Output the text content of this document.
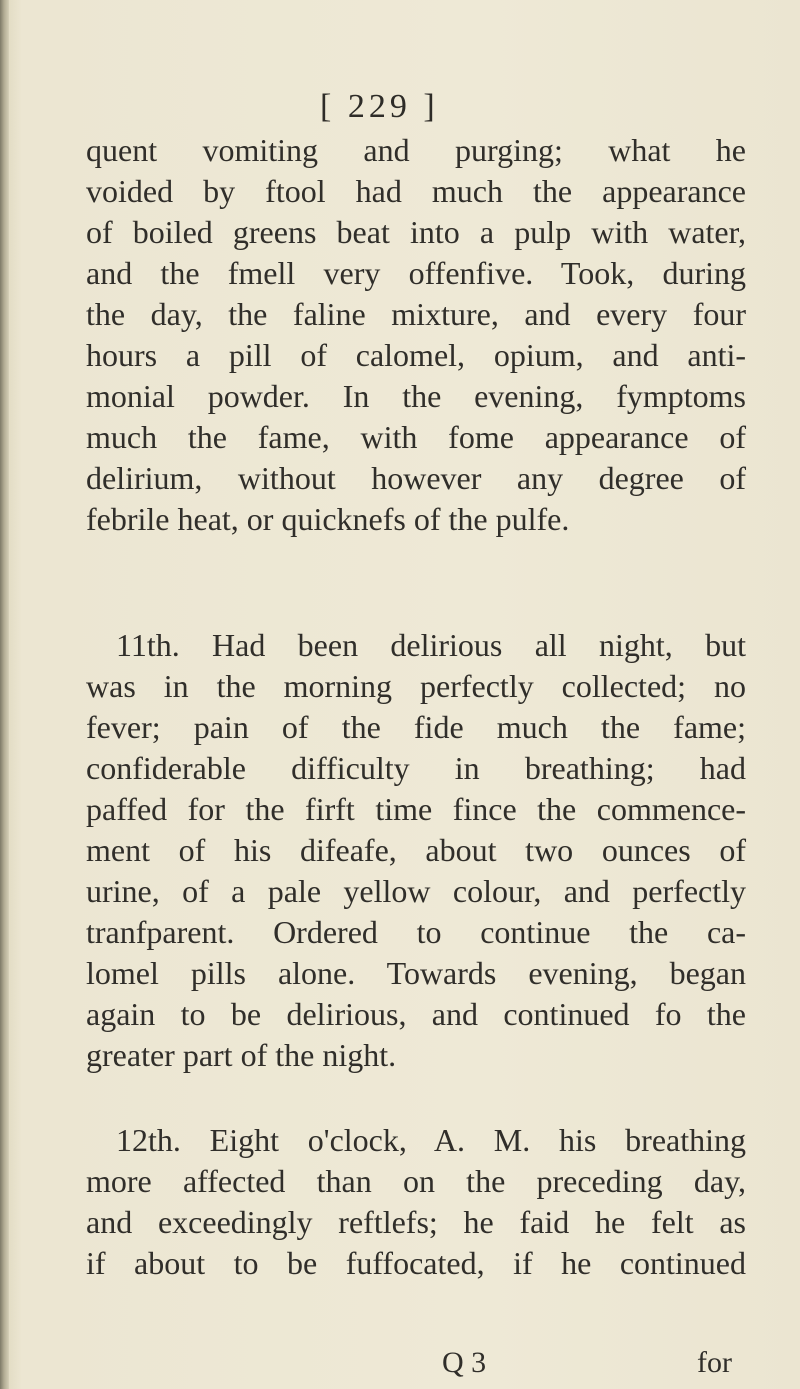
[ 229 ]
quent vomiting and purging; what he
voided by ftool had much the appearance
of boiled greens beat into a pulp with water,
and the fmell very offenfive. Took, during
the day, the faline mixture, and every four
hours a pill of calomel, opium, and anti-
monial powder. In the evening, fymptoms
much the fame, with fome appearance of
delirium, without however any degree of
febrile heat, or quicknefs of the pulfe.
11th. Had been delirious all night, but
was in the morning perfectly collected; no
fever; pain of the fide much the fame;
confiderable difficulty in breathing; had
paffed for the firft time fince the commence-
ment of his difeafe, about two ounces of
urine, of a pale yellow colour, and perfectly
tranfparent. Ordered to continue the ca-
lomel pills alone. Towards evening, began
again to be delirious, and continued fo the
greater part of the night.
12th. Eight o'clock, A. M. his breathing
more affected than on the preceding day,
and exceedingly reftlefs; he faid he felt as
if about to be fuffocated, if he continued
Q 3	for
